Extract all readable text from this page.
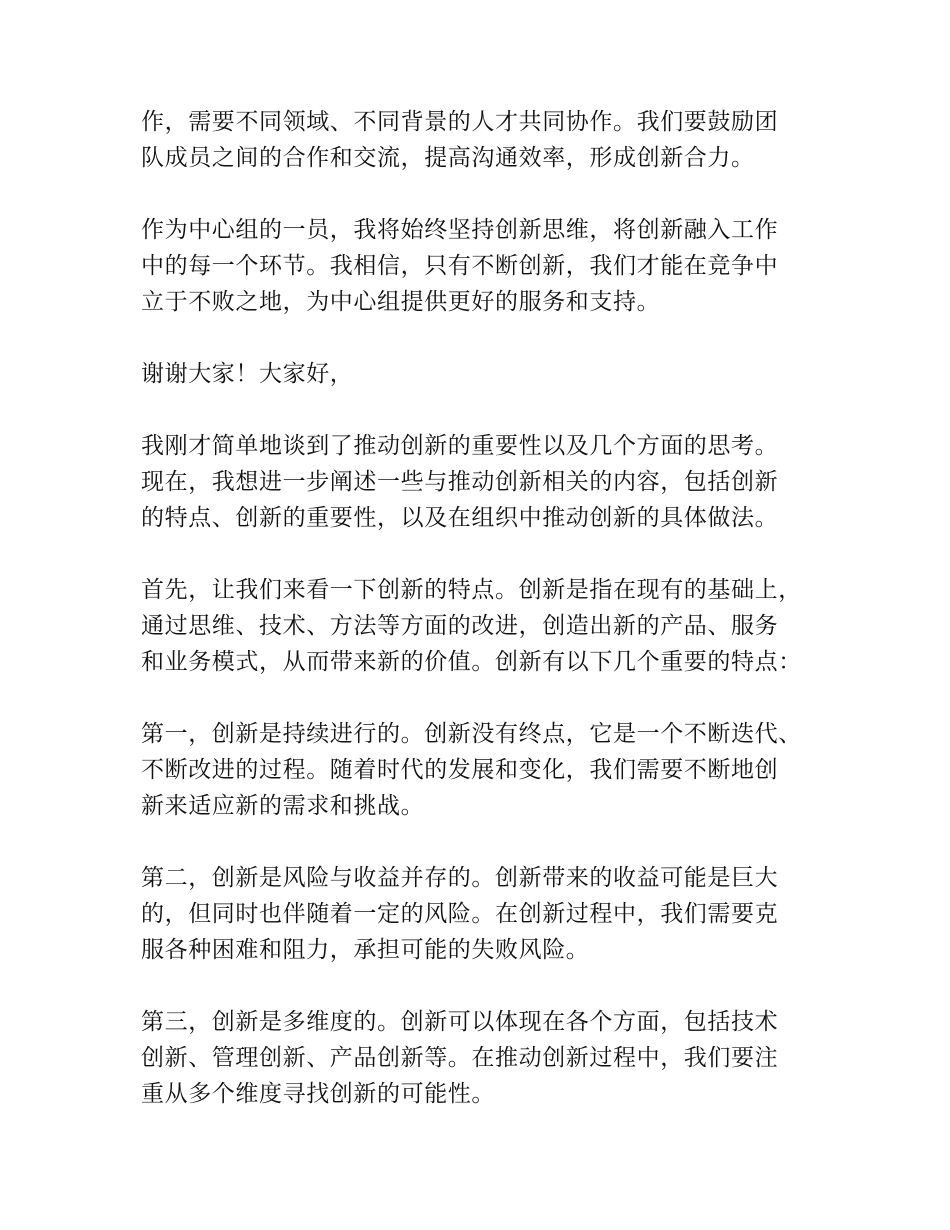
作，需要不同领域、不同背景的人才共同协作。我们要鼓励团
队成员之间的合作和交流，提高沟通效率，形成创新合力。
作为中心组的一员，我将始终坚持创新思维，将创新融入工作
中的每一个环节。我相信，只有不断创新，我们才能在竞争中
立于不败之地，为中心组提供更好的服务和支持。
谢谢大家！大家好，
我刚才简单地谈到了推动创新的重要性以及几个方面的思考。
现在，我想进一步阐述一些与推动创新相关的内容，包括创新
的特点、创新的重要性，以及在组织中推动创新的具体做法。
首先，让我们来看一下创新的特点。创新是指在现有的基础上，
通过思维、技术、方法等方面的改进，创造出新的产品、服务
和业务模式，从而带来新的价值。创新有以下几个重要的特点：
第一，创新是持续进行的。创新没有终点，它是一个不断迭代、
不断改进的过程。随着时代的发展和变化，我们需要不断地创
新来适应新的需求和挑战。
第二，创新是风险与收益并存的。创新带来的收益可能是巨大
的，但同时也伴随着一定的风险。在创新过程中，我们需要克
服各种困难和阻力，承担可能的失败风险。
第三，创新是多维度的。创新可以体现在各个方面，包括技术
创新、管理创新、产品创新等。在推动创新过程中，我们要注
重从多个维度寻找创新的可能性。
